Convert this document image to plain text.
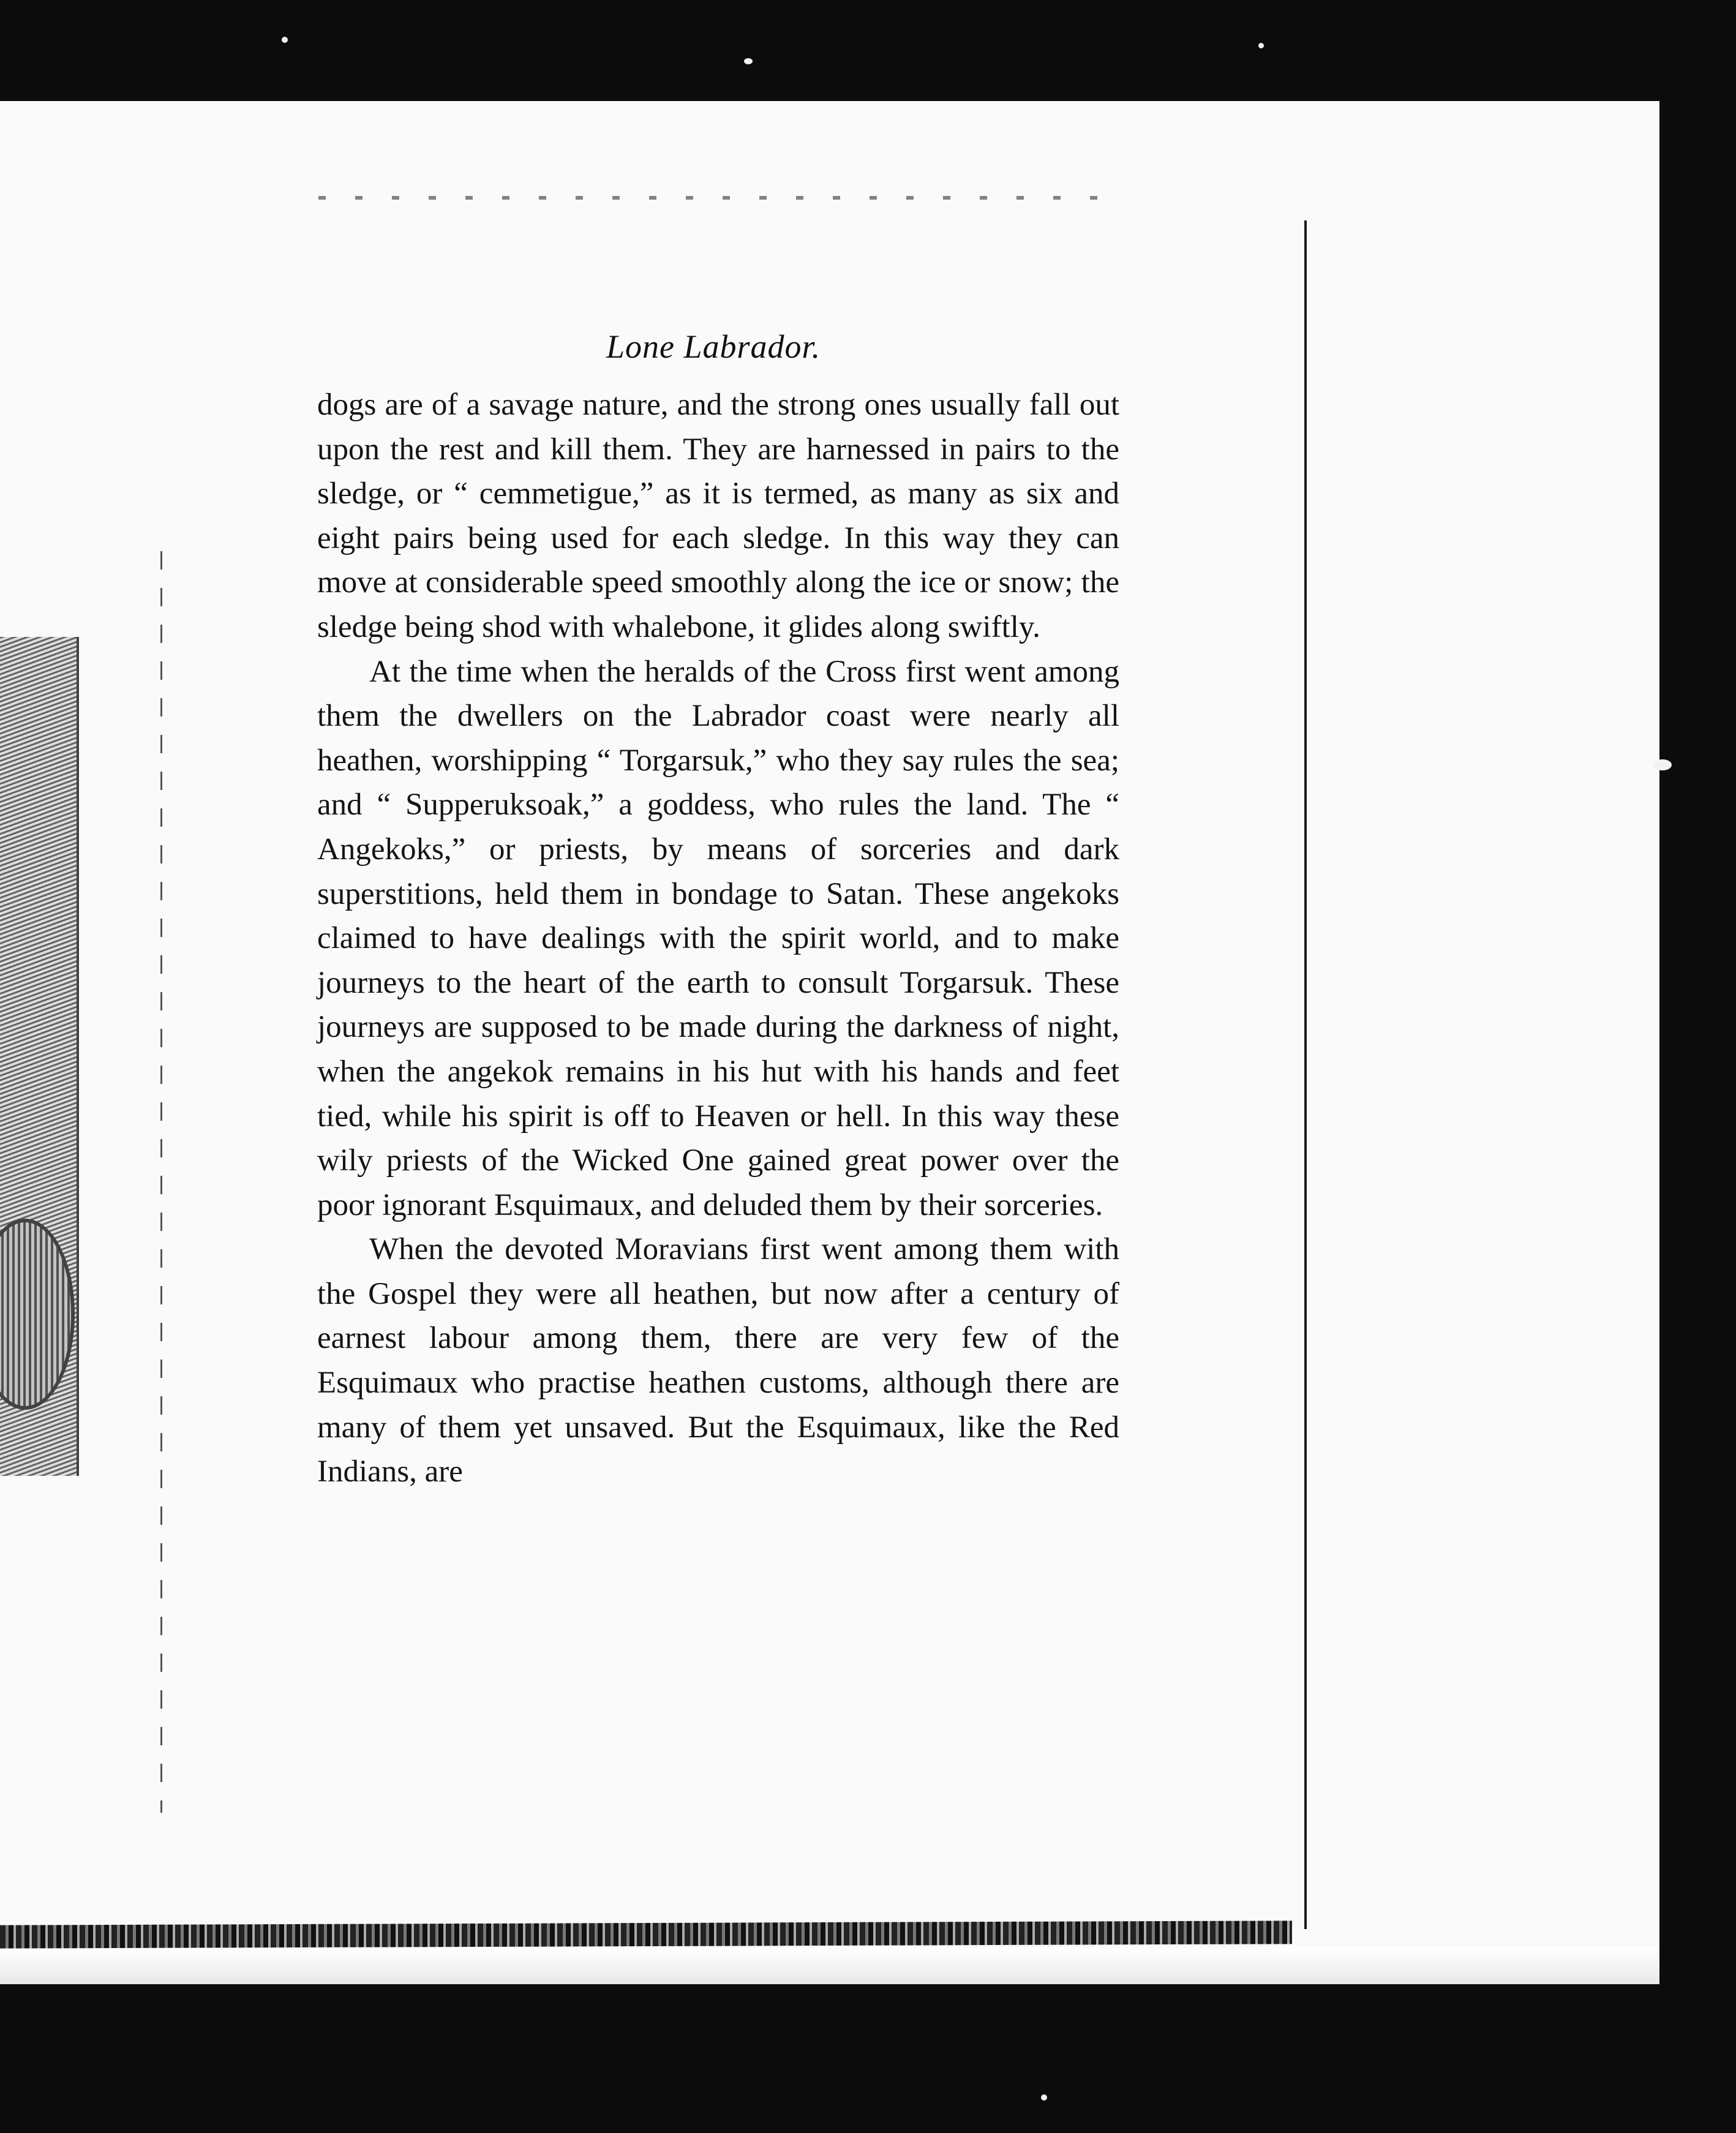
Lone Labrador.

dogs are of a savage nature, and the strong ones usually fall out upon the rest and kill them. They are harnessed in pairs to the sledge, or “ cemmetigue,” as it is termed, as many as six and eight pairs being used for each sledge. In this way they can move at considerable speed smoothly along the ice or snow; the sledge being shod with whalebone, it glides along swiftly.

At the time when the heralds of the Cross first went among them the dwellers on the Labrador coast were nearly all heathen, worshipping “ Torgarsuk,” who they say rules the sea; and “ Supperuksoak,” a goddess, who rules the land. The “ Angekoks,” or priests, by means of sorceries and dark superstitions, held them in bondage to Satan. These angekoks claimed to have dealings with the spirit world, and to make journeys to the heart of the earth to consult Torgarsuk. These journeys are supposed to be made during the darkness of night, when the angekok remains in his hut with his hands and feet tied, while his spirit is off to Heaven or hell. In this way these wily priests of the Wicked One gained great power over the poor ignorant Esquimaux, and deluded them by their sorceries.

When the devoted Moravians first went among them with the Gospel they were all heathen, but now after a century of earnest labour among them, there are very few of the Esquimaux who practise heathen customs, although there are many of them yet unsaved. But the Esquimaux, like the Red Indians, are
